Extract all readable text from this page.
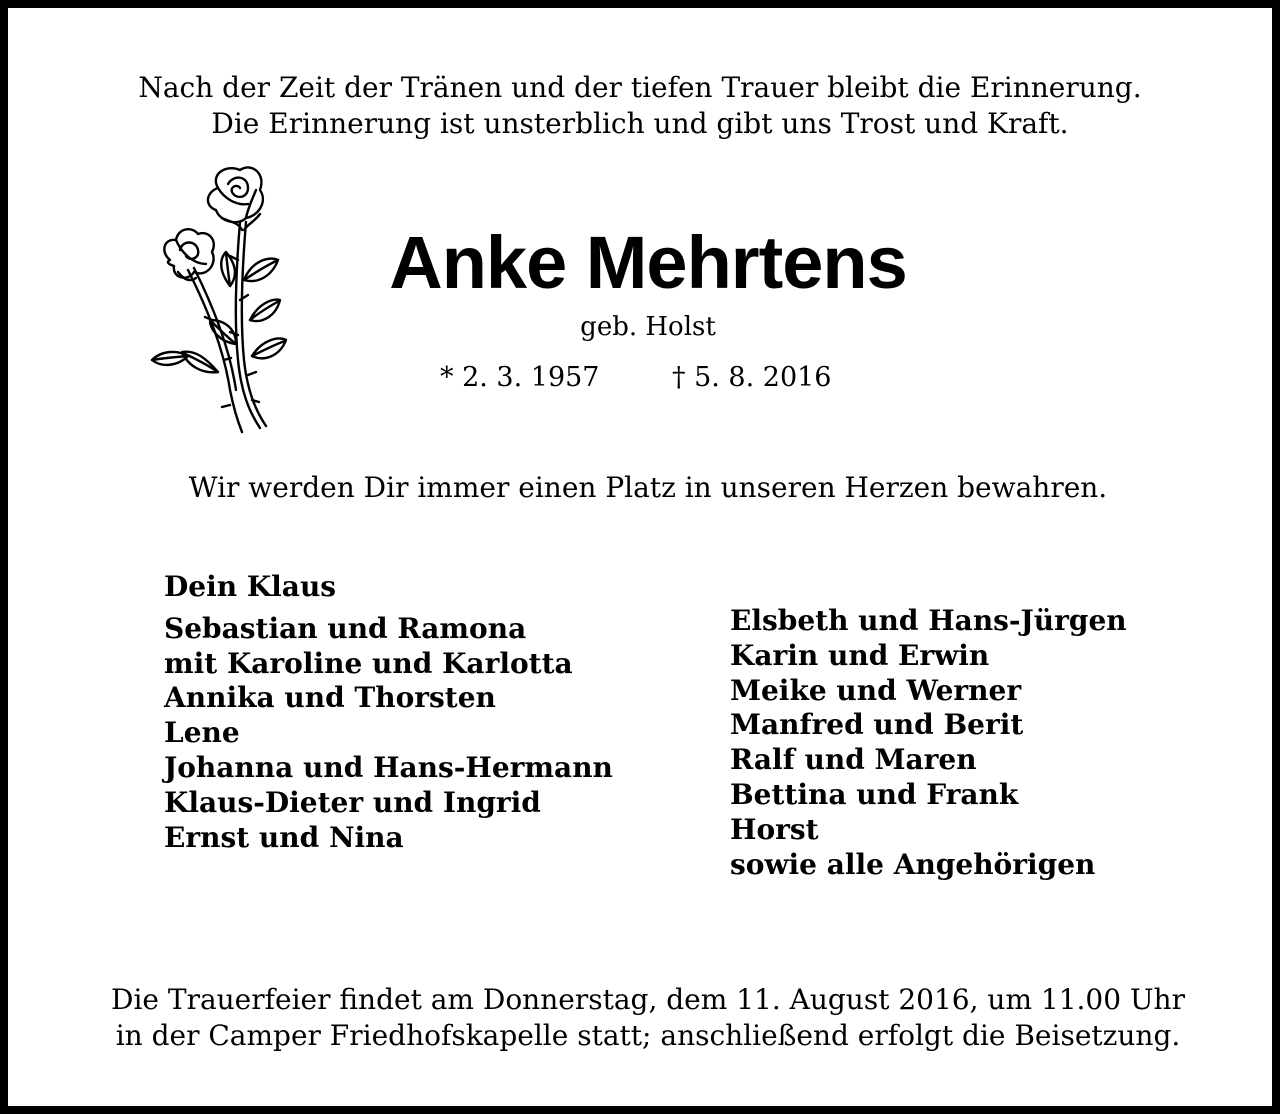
Nach der Zeit der Tränen und der tiefen Trauer bleibt die Erinnerung.
Die Erinnerung ist unsterblich und gibt uns Trost und Kraft.
Anke Mehrtens
geb. Holst
* 2. 3. 1957	† 5. 8. 2016
Wir werden Dir immer einen Platz in unseren Herzen bewahren.
Dein Klaus
Sebastian und Ramona
mit Karoline und Karlotta
Annika und Thorsten
Lene
Johanna und Hans-Hermann
Klaus-Dieter und Ingrid
Ernst und Nina
Elsbeth und Hans-Jürgen
Karin und Erwin
Meike und Werner
Manfred und Berit
Ralf und Maren
Bettina und Frank
Horst
sowie alle Angehörigen
Die Trauerfeier findet am Donnerstag, dem 11. August 2016, um 11.00 Uhr
in der Camper Friedhofskapelle statt; anschließend erfolgt die Beisetzung.
